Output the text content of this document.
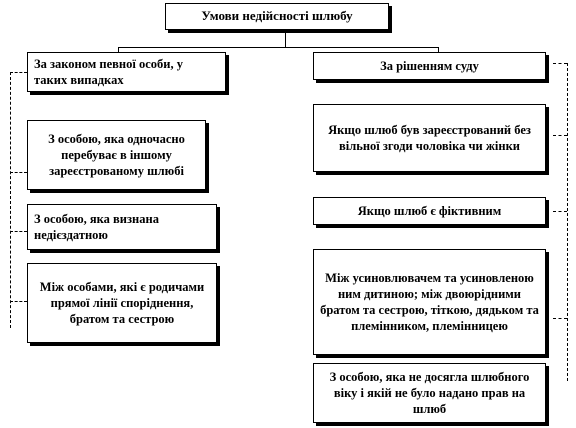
Умови недійсності шлюбу
За законом певної особи, у таких випадках
З особою, яка одночасно перебуває в іншому зареєстрованому шлюбі
З особою, яка визнана недієздатною
Між особами, які є родичами прямої лінії споріднення, братом та сестрою
За рішенням суду
Якщо шлюб був зареєстрований без вільної згоди чоловіка чи жінки
Якщо шлюб є фіктивним
Між усиновлювачем та усиновленою ним дитиною; між двоюрідними братом та сестрою, тіткою, дядьком та племінником, племінницею
З особою, яка не досягла шлюбного віку і якій не було надано прав на шлюб
